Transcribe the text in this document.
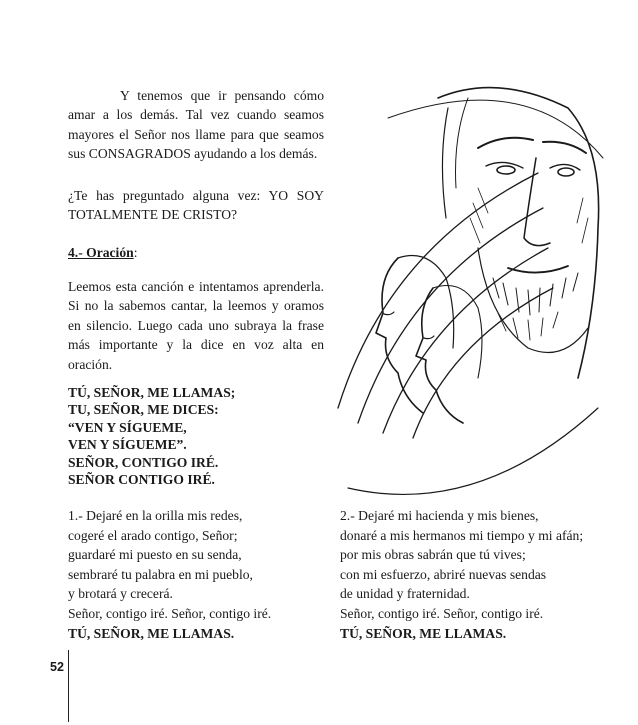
Y tenemos que ir pensando cómo amar a los demás. Tal vez cuando seamos mayores el Señor nos llame para que seamos sus CONSAGRADOS ayudando a los demás.

¿Te has preguntado alguna vez: YO SOY TOTALMENTE DE CRISTO?

4.- Oración:

Leemos esta canción e intentamos aprenderla. Si no la sabemos cantar, la leemos y oramos en silencio. Luego cada uno subraya la frase más importante y la dice en voz alta en oración.

TÚ, SEÑOR, ME LLAMAS;
TU, SEÑOR, ME DICES:
“VEN Y SÍGUEME,
VEN Y SÍGUEME”.
SEÑOR, CONTIGO IRÉ.
SEÑOR CONTIGO IRÉ.
1.- Dejaré en la orilla mis redes,
cogeré el arado contigo, Señor;
guardaré mi puesto en su senda,
sembraré tu palabra en mi pueblo,
y brotará y crecerá.
Señor, contigo iré. Señor, contigo iré.
2.- Dejaré mi hacienda y mis bienes,
donaré a mis hermanos mi tiempo y mi afán;
por mis obras sabrán que tú vives;
con mi esfuerzo, abriré nuevas sendas
de unidad y fraternidad.
Señor, contigo iré. Señor, contigo iré.

TÚ, SEÑOR, ME LLAMAS.	TÚ, SEÑOR, ME LLAMAS.

52
